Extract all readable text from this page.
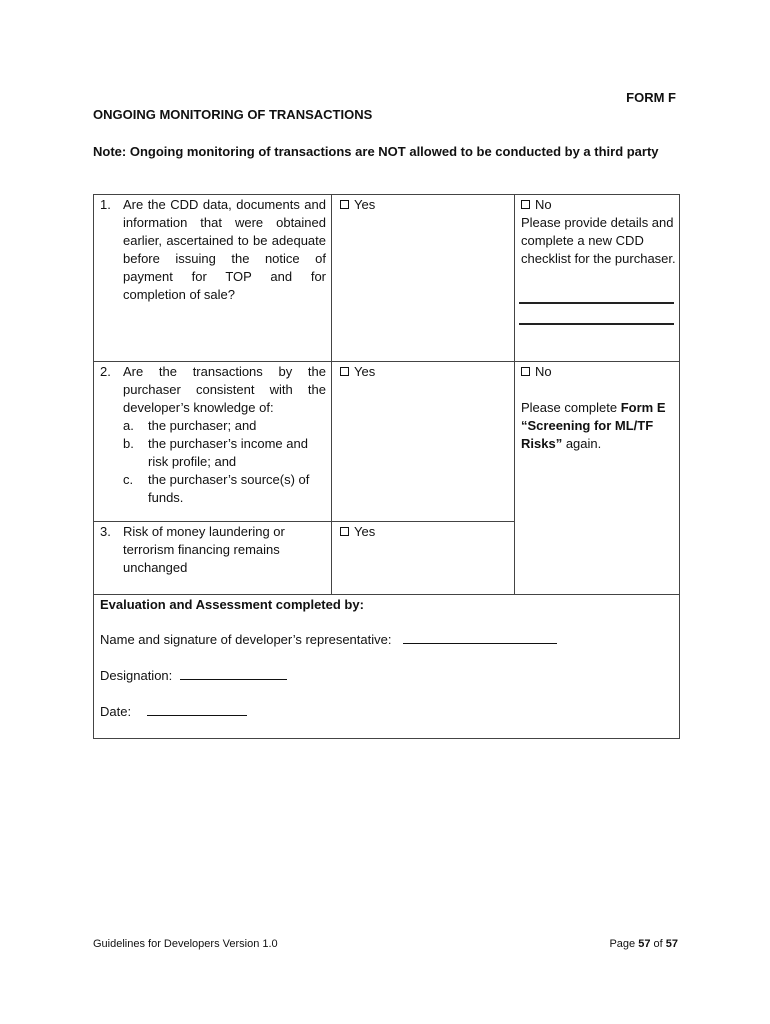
FORM F
ONGOING MONITORING OF TRANSACTIONS
Note: Ongoing monitoring of transactions are NOT allowed to be conducted by a third party
1. Are the CDD data, documents and information that were obtained earlier, ascertained to be adequate before issuing the notice of payment for TOP and for completion of sale?
Yes	No
Please provide details and complete a new CDD checklist for the purchaser.
2. Are the transactions by the purchaser consistent with the developer’s knowledge of:
a. the purchaser; and
b. the purchaser’s income and risk profile; and
c. the purchaser’s source(s) of funds.
Yes	No
Please complete Form E “Screening for ML/TF Risks” again.
3. Risk of money laundering or terrorism financing remains unchanged
Yes
Evaluation and Assessment completed by:
Name and signature of developer’s representative:
Designation:
Date:
Guidelines for Developers Version 1.0	Page 57 of 57
